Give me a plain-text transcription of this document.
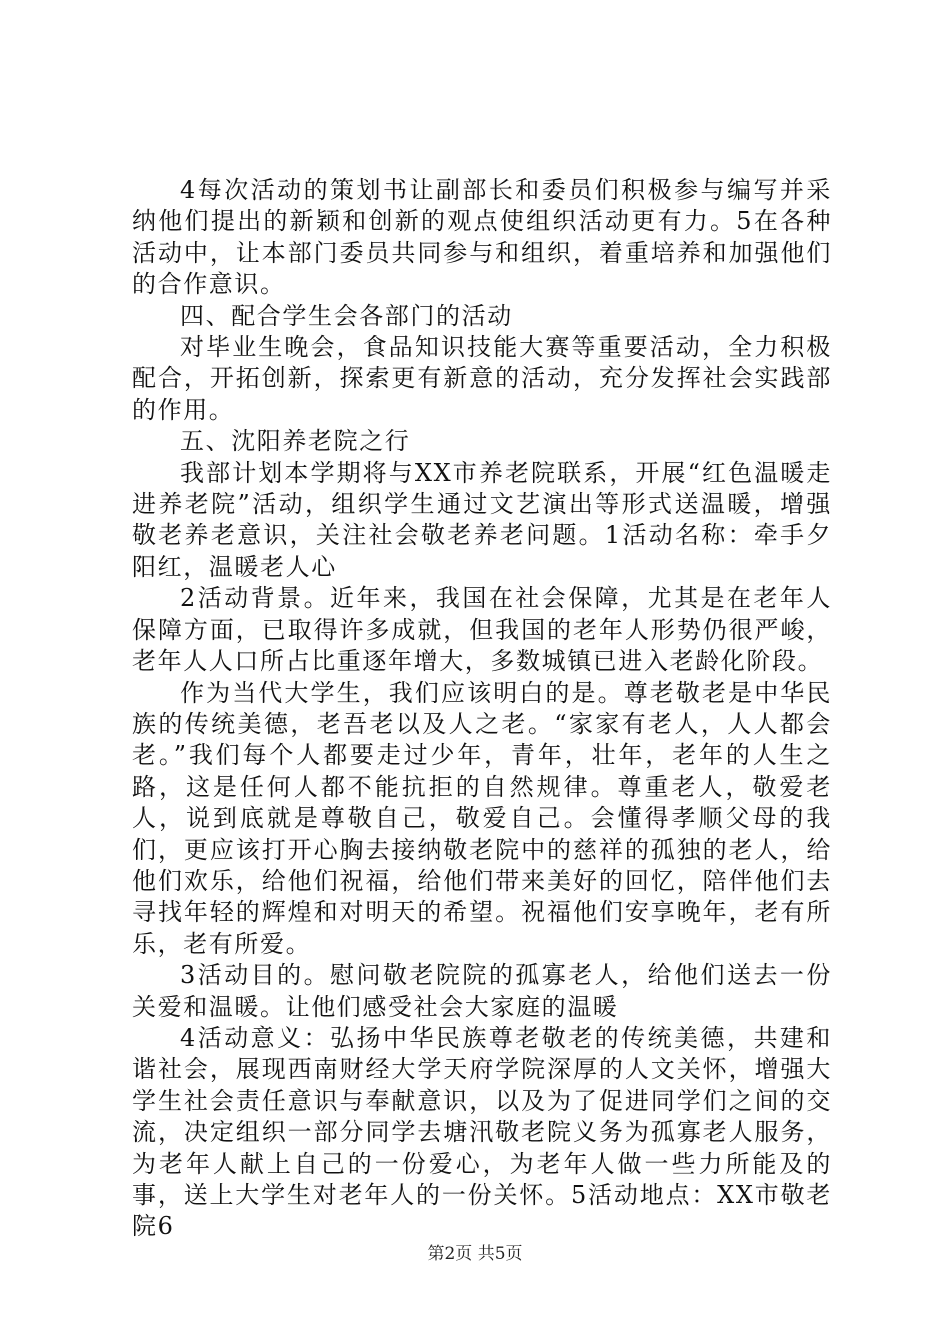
4每次活动的策划书让副部长和委员们积极参与编写并采纳他们提出的新颖和创新的观点使组织活动更有力。5在各种活动中，让本部门委员共同参与和组织，着重培养和加强他们的合作意识。

四、配合学生会各部门的活动

对毕业生晚会，食品知识技能大赛等重要活动，全力积极配合，开拓创新，探索更有新意的活动，充分发挥社会实践部的作用。

五、沈阳养老院之行

我部计划本学期将与XX市养老院联系，开展“红色温暖走进养老院”活动，组织学生通过文艺演出等形式送温暖，增强敬老养老意识，关注社会敬老养老问题。1活动名称：牵手夕阳红，温暖老人心

2活动背景。近年来，我国在社会保障，尤其是在老年人保障方面，已取得许多成就，但我国的老年人形势仍很严峻，老年人人口所占比重逐年增大，多数城镇已进入老龄化阶段。

作为当代大学生，我们应该明白的是。尊老敬老是中华民族的传统美德，老吾老以及人之老。“家家有老人，人人都会老。”我们每个人都要走过少年，青年，壮年，老年的人生之路，这是任何人都不能抗拒的自然规律。尊重老人，敬爱老人，说到底就是尊敬自己，敬爱自己。会懂得孝顺父母的我们，更应该打开心胸去接纳敬老院中的慈祥的孤独的老人，给他们欢乐，给他们祝福，给他们带来美好的回忆，陪伴他们去寻找年轻的辉煌和对明天的希望。祝福他们安享晚年，老有所乐，老有所爱。

3活动目的。慰问敬老院院的孤寡老人，给他们送去一份关爱和温暖。让他们感受社会大家庭的温暖

4活动意义：弘扬中华民族尊老敬老的传统美德，共建和谐社会，展现西南财经大学天府学院深厚的人文关怀，增强大学生社会责任意识与奉献意识，以及为了促进同学们之间的交流，决定组织一部分同学去塘汛敬老院义务为孤寡老人服务，为老年人献上自己的一份爱心，为老年人做一些力所能及的事，送上大学生对老年人的一份关怀。5活动地点：XX市敬老院6

第2页 共5页
